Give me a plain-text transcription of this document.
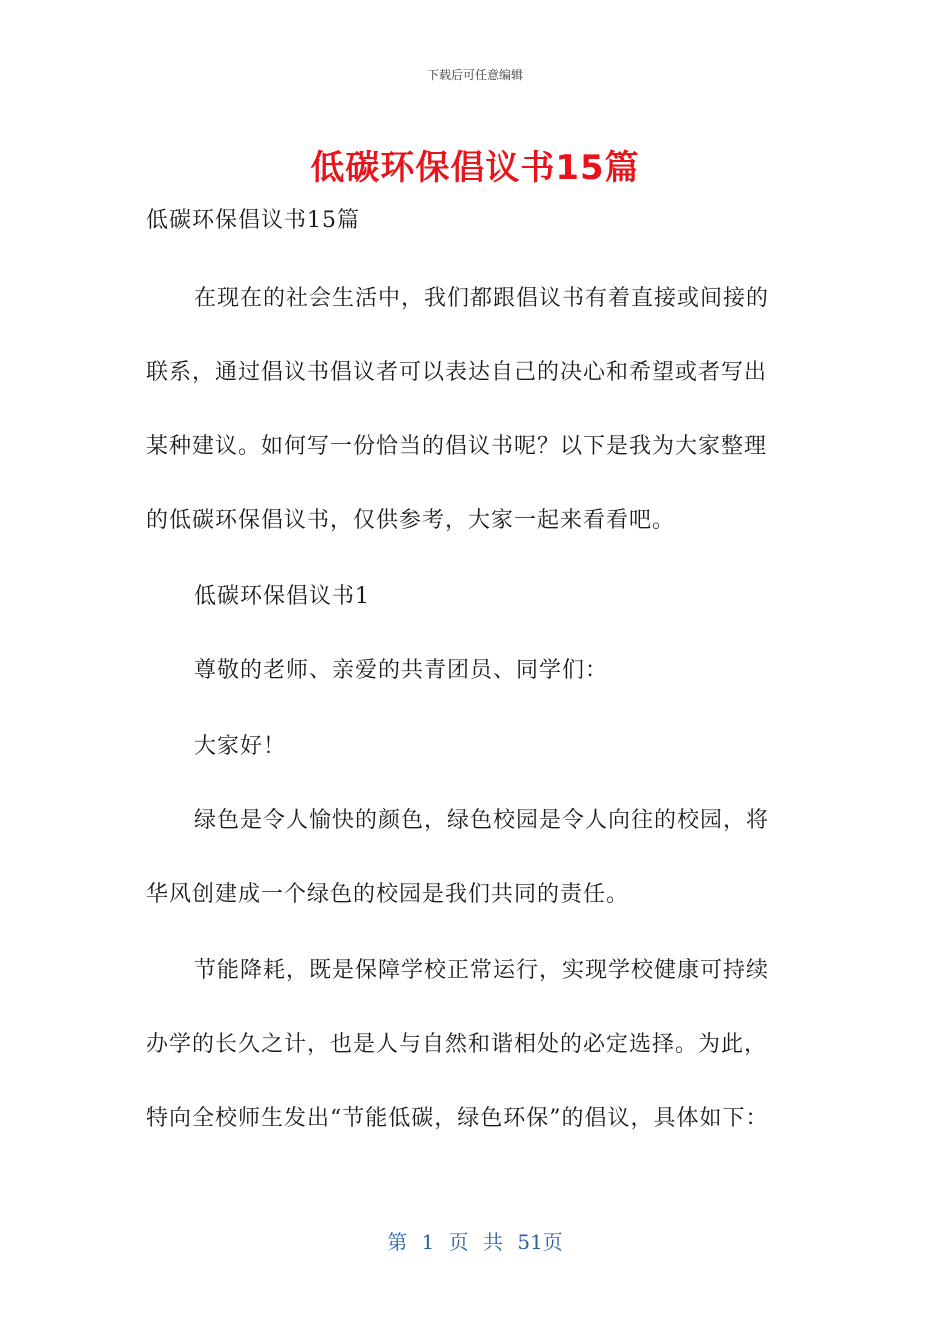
下载后可任意编辑
低碳环保倡议书15篇
低碳环保倡议书15篇
在现在的社会生活中，我们都跟倡议书有着直接或间接的
联系，通过倡议书倡议者可以表达自己的决心和希望或者写出
某种建议。如何写一份恰当的倡议书呢？以下是我为大家整理
的低碳环保倡议书，仅供参考，大家一起来看看吧。
低碳环保倡议书1
尊敬的老师、亲爱的共青团员、同学们：
大家好！
绿色是令人愉快的颜色，绿色校园是令人向往的校园，将
华风创建成一个绿色的校园是我们共同的责任。
节能降耗，既是保障学校正常运行，实现学校健康可持续
办学的长久之计，也是人与自然和谐相处的必定选择。为此，
特向全校师生发出“节能低碳，绿色环保”的倡议，具体如下：
第 1 页 共 51页
